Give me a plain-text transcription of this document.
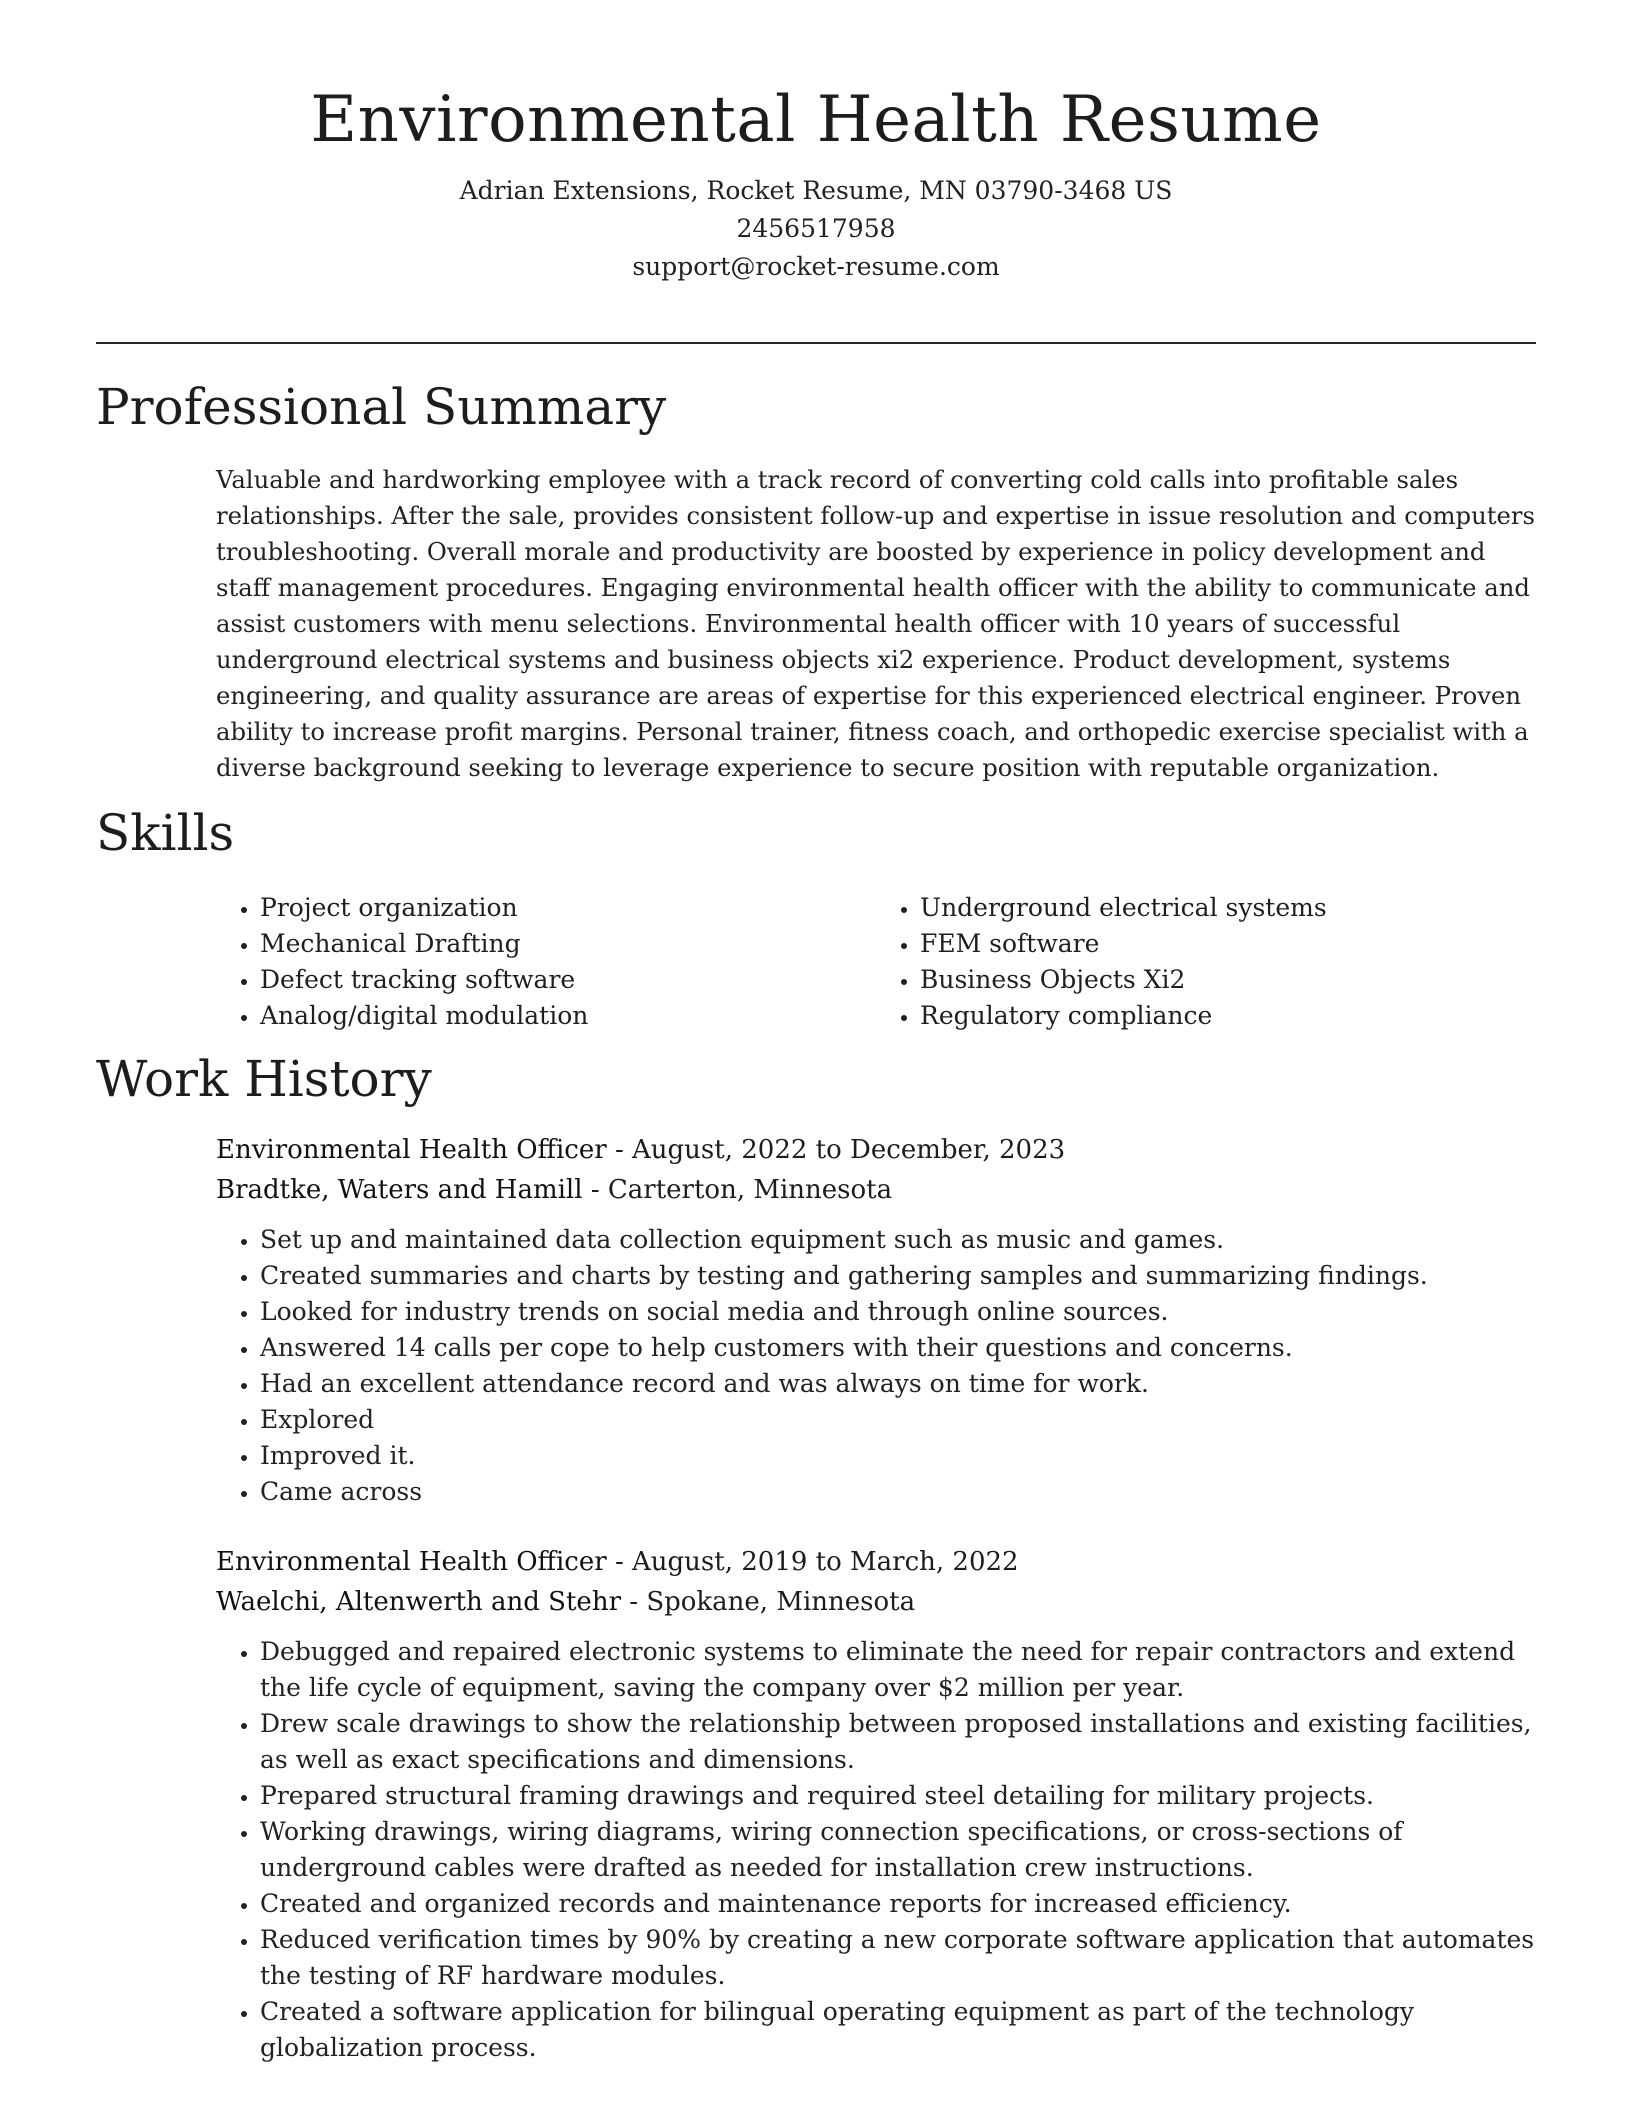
Environmental Health Resume
Adrian Extensions, Rocket Resume, MN 03790-3468 US
2456517958
support@rocket-resume.com
Professional Summary

Valuable and hardworking employee with a track record of converting cold calls into profitable sales relationships. After the sale, provides consistent follow-up and expertise in issue resolution and computers troubleshooting. Overall morale and productivity are boosted by experience in policy development and staff management procedures. Engaging environmental health officer with the ability to communicate and assist customers with menu selections. Environmental health officer with 10 years of successful underground electrical systems and business objects xi2 experience. Product development, systems engineering, and quality assurance are areas of expertise for this experienced electrical engineer. Proven ability to increase profit margins. Personal trainer, fitness coach, and orthopedic exercise specialist with a diverse background seeking to leverage experience to secure position with reputable organization.

Skills
• Project organization
• Mechanical Drafting
• Defect tracking software
• Analog/digital modulation
• Underground electrical systems
• FEM software
• Business Objects Xi2
• Regulatory compliance
Work History
Environmental Health Officer - August, 2022 to December, 2023
Bradtke, Waters and Hamill - Carterton, Minnesota
• Set up and maintained data collection equipment such as music and games.
• Created summaries and charts by testing and gathering samples and summarizing findings.
• Looked for industry trends on social media and through online sources.
• Answered 14 calls per cope to help customers with their questions and concerns.
• Had an excellent attendance record and was always on time for work.
• Explored
• Improved it.
• Came across
Environmental Health Officer - August, 2019 to March, 2022
Waelchi, Altenwerth and Stehr - Spokane, Minnesota
• Debugged and repaired electronic systems to eliminate the need for repair contractors and extend the life cycle of equipment, saving the company over $2 million per year.
• Drew scale drawings to show the relationship between proposed installations and existing facilities, as well as exact specifications and dimensions.
• Prepared structural framing drawings and required steel detailing for military projects.
• Working drawings, wiring diagrams, wiring connection specifications, or cross-sections of underground cables were drafted as needed for installation crew instructions.
• Created and organized records and maintenance reports for increased efficiency.
• Reduced verification times by 90% by creating a new corporate software application that automates the testing of RF hardware modules.
• Created a software application for bilingual operating equipment as part of the technology globalization process.
